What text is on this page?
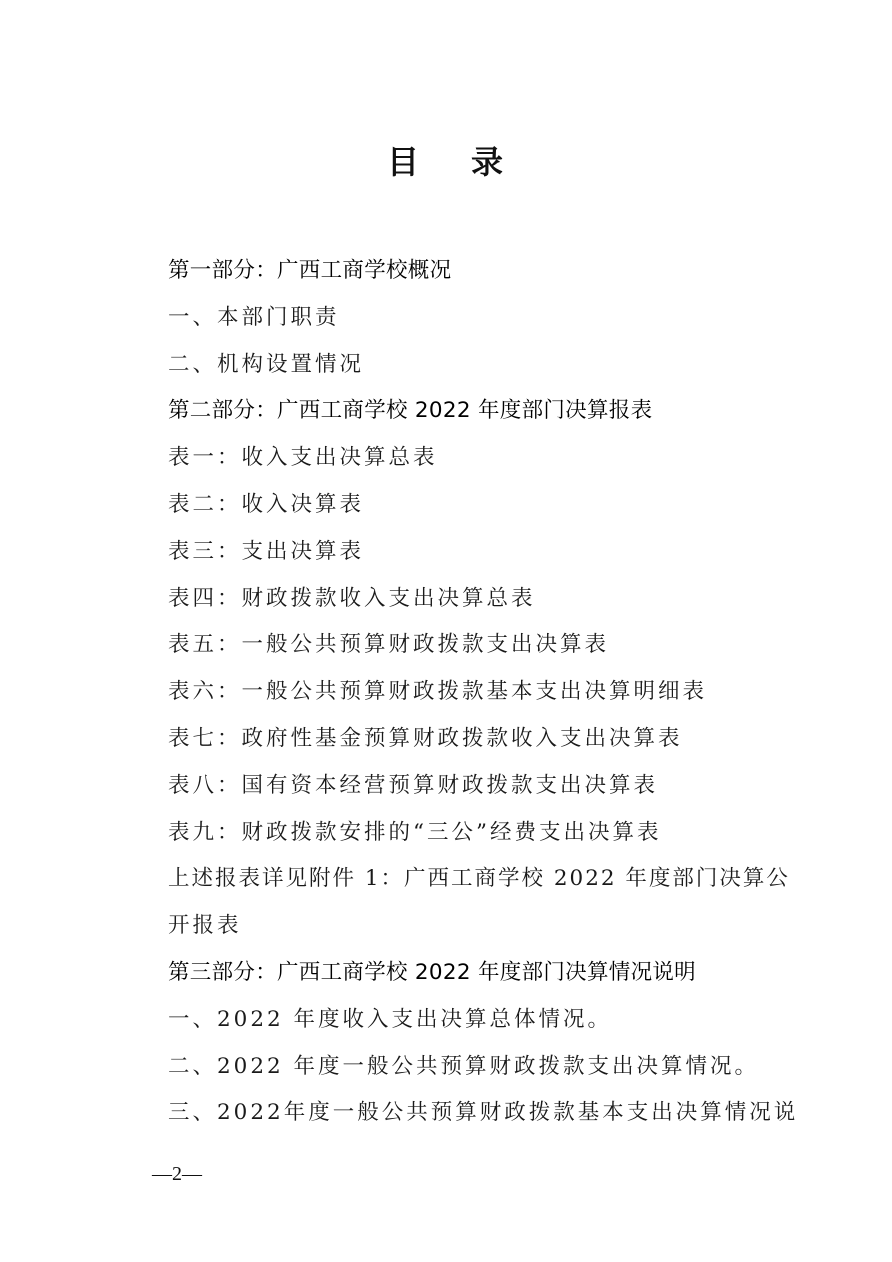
目 录
第一部分：广西工商学校概况
一、本部门职责
二、机构设置情况
第二部分：广西工商学校 2022 年度部门决算报表
表一：收入支出决算总表
表二：收入决算表
表三：支出决算表
表四：财政拨款收入支出决算总表
表五：一般公共预算财政拨款支出决算表
表六：一般公共预算财政拨款基本支出决算明细表
表七：政府性基金预算财政拨款收入支出决算表
表八：国有资本经营预算财政拨款支出决算表
表九：财政拨款安排的“三公”经费支出决算表
上述报表详见附件 1：广西工商学校 2022 年度部门决算公
开报表
第三部分：广西工商学校 2022 年度部门决算情况说明
一、2022 年度收入支出决算总体情况。
二、2022 年度一般公共预算财政拨款支出决算情况。
三、2022年度一般公共预算财政拨款基本支出决算情况说
—2—
